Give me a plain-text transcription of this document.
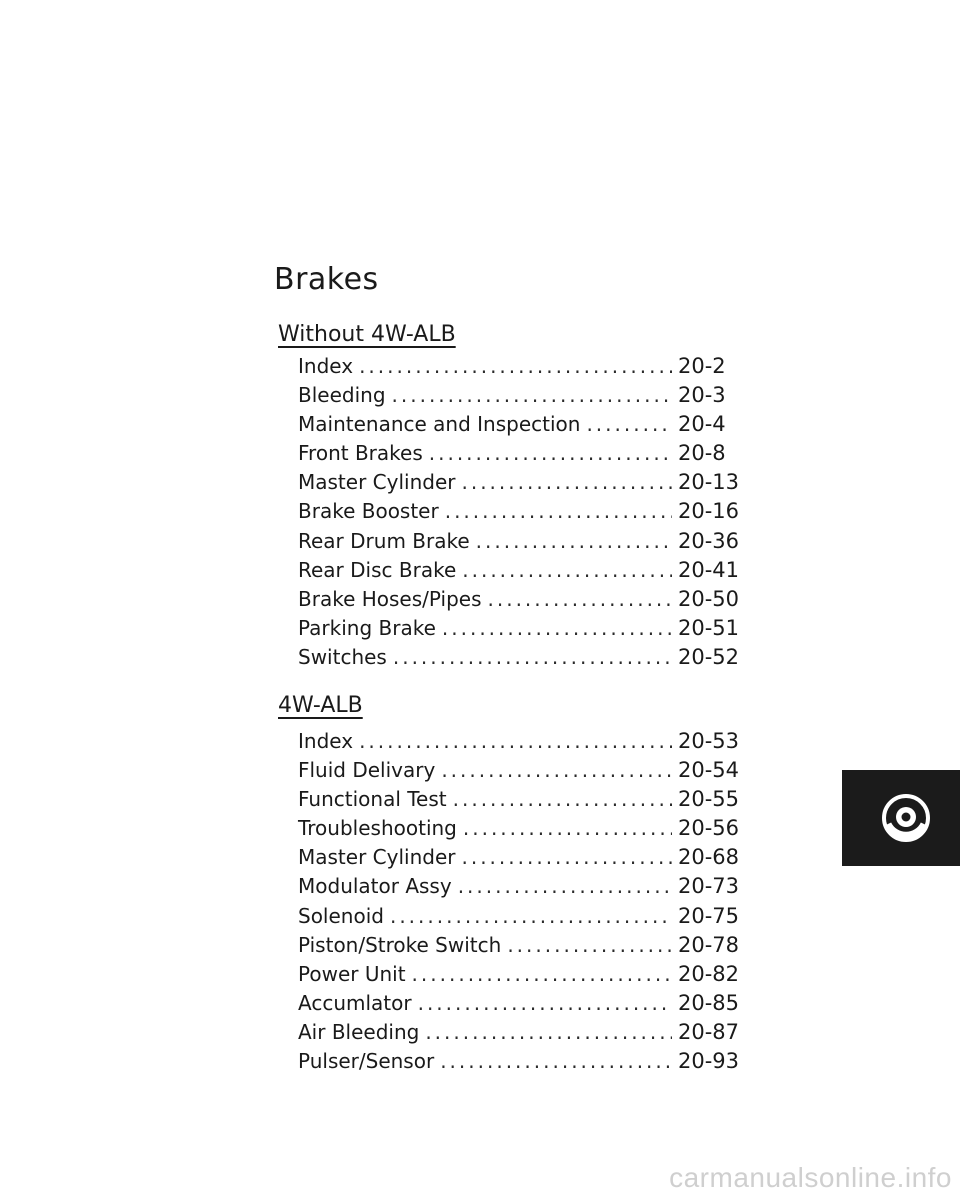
Brakes
Without 4W-ALB
Index .....	20-2
Bleeding .....	20-3
Maintenance and Inspection .....	20-4
Front Brakes .....	20-8
Master Cylinder .....	20-13
Brake Booster .....	20-16
Rear Drum Brake .....	20-36
Rear Disc Brake .....	20-41
Brake Hoses/Pipes .....	20-50
Parking Brake .....	20-51
Switches .....	20-52
4W-ALB
Index .....	20-53
Fluid Delivary .....	20-54
Functional Test .....	20-55
Troubleshooting .....	20-56
Master Cylinder .....	20-68
Modulator Assy .....	20-73
Solenoid .....	20-75
Piston/Stroke Switch .....	20-78
Power Unit .....	20-82
Accumlator .....	20-85
Air Bleeding .....	20-87
Pulser/Sensor .....	20-93
carmanualsonline.info
